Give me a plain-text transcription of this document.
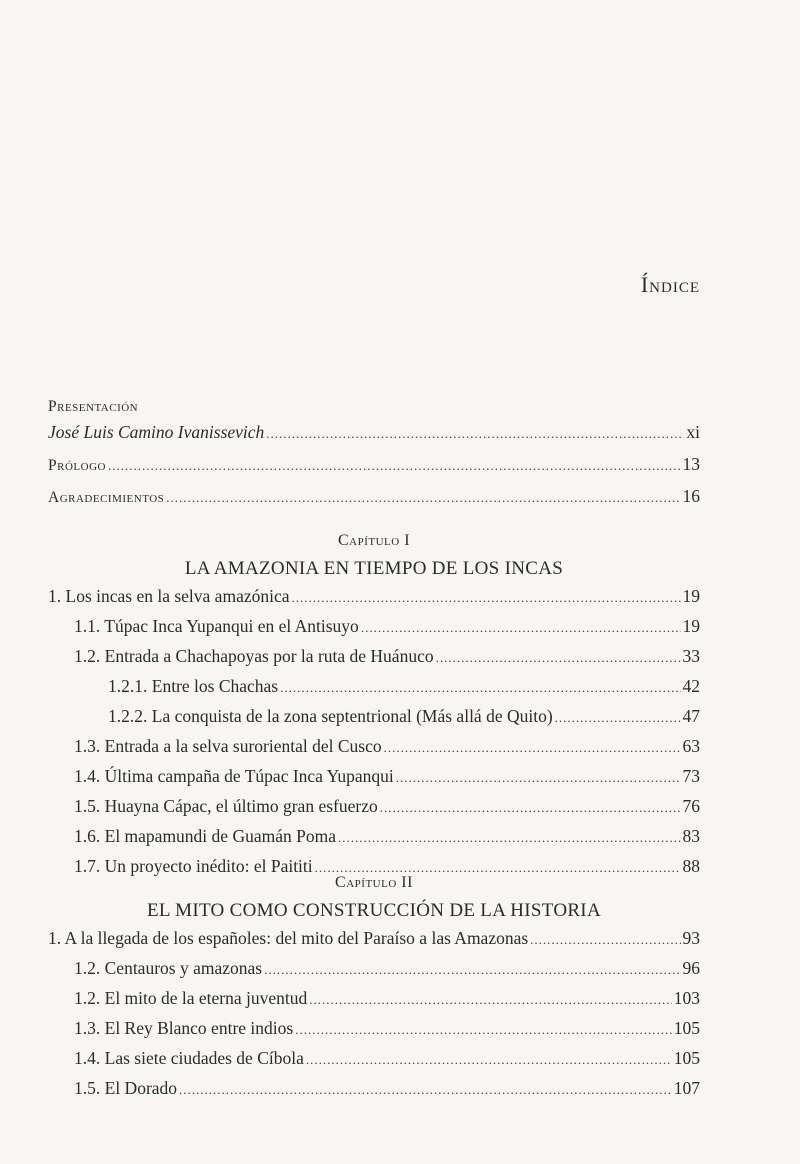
Índice
Presentación
José Luis Camino Ivanissevich .....	xi
Prólogo .....	13
Agradecimientos .....	16
Capítulo I
LA AMAZONIA EN TIEMPO DE LOS INCAS
1. Los incas en la selva amazónica .....	19
1.1. Túpac Inca Yupanqui en el Antisuyo .....	19
1.2. Entrada a Chachapoyas por la ruta de Huánuco .....	33
1.2.1. Entre los Chachas .....	42
1.2.2. La conquista de la zona septentrional (Más allá de Quito) .....	47
1.3. Entrada a la selva suroriental del Cusco .....	63
1.4. Última campaña de Túpac Inca Yupanqui .....	73
1.5. Huayna Cápac, el último gran esfuerzo .....	76
1.6. El mapamundi de Guamán Poma .....	83
1.7. Un proyecto inédito: el Paititi .....	88
Capítulo II
EL MITO COMO CONSTRUCCIÓN DE LA HISTORIA
1. A la llegada de los españoles: del mito del Paraíso a las Amazonas .....	93
1.2. Centauros y amazonas .....	96
1.2. El mito de la eterna juventud .....	103
1.3. El Rey Blanco entre indios .....	105
1.4. Las siete ciudades de Cíbola .....	105
1.5. El Dorado .....	107
